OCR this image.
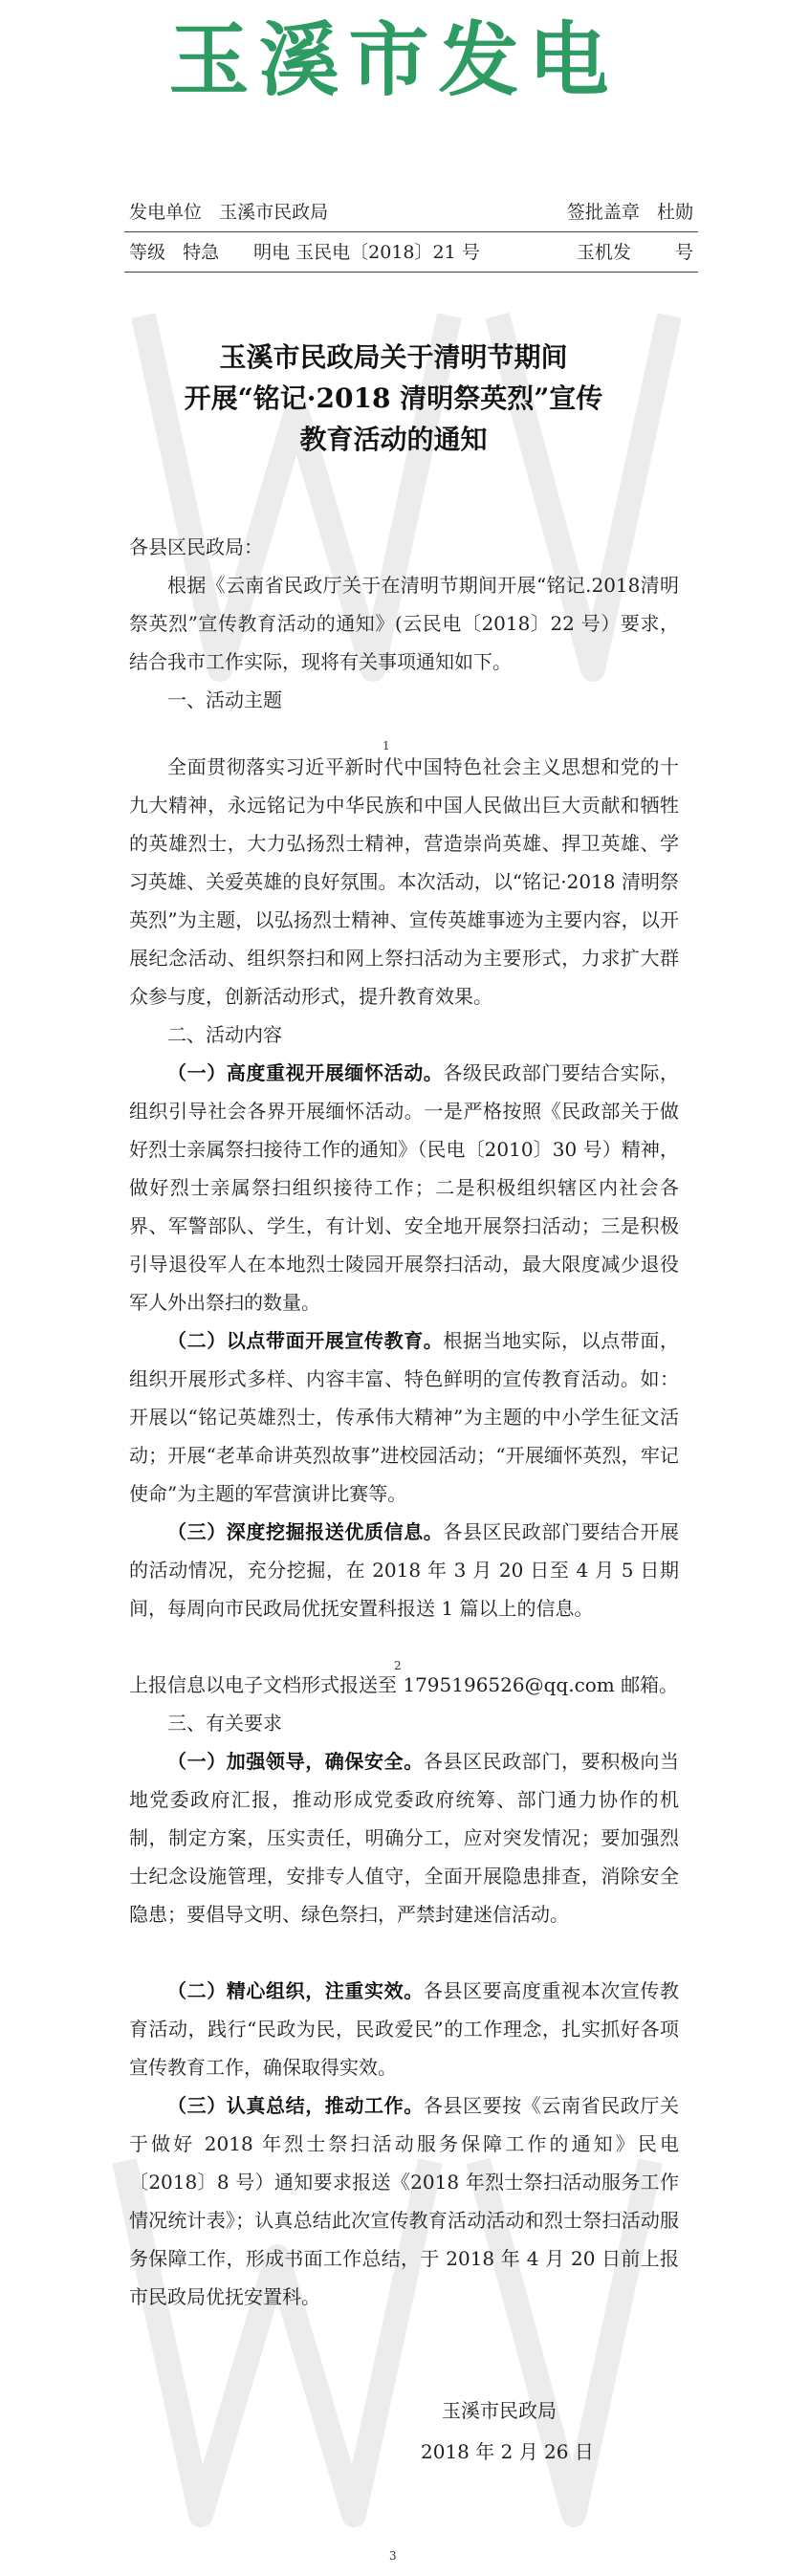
玉溪市发电
发电单位 玉溪市民政局	签批盖章 杜勋
等级 特急 明电 玉民电〔2018〕21 号	玉机发 号
玉溪市民政局关于清明节期间
开展“铭记·2018 清明祭英烈”宣传
教育活动的通知

各县区民政局：

根据《云南省民政厅关于在清明节期间开展“铭记.2018清明祭英烈”宣传教育活动的通知》(云民电〔2018〕22 号）要求，结合我市工作实际，现将有关事项通知如下。

一、活动主题

1

全面贯彻落实习近平新时代中国特色社会主义思想和党的十九大精神，永远铭记为中华民族和中国人民做出巨大贡献和牺牲的英雄烈士，大力弘扬烈士精神，营造崇尚英雄、捍卫英雄、学习英雄、关爱英雄的良好氛围。本次活动，以“铭记·2018 清明祭英烈”为主题，以弘扬烈士精神、宣传英雄事迹为主要内容，以开展纪念活动、组织祭扫和网上祭扫活动为主要形式，力求扩大群众参与度，创新活动形式，提升教育效果。

二、活动内容

（一）高度重视开展缅怀活动。各级民政部门要结合实际，组织引导社会各界开展缅怀活动。一是严格按照《民政部关于做好烈士亲属祭扫接待工作的通知》（民电〔2010〕30 号）精神，做好烈士亲属祭扫组织接待工作；二是积极组织辖区内社会各界、军警部队、学生，有计划、安全地开展祭扫活动；三是积极引导退役军人在本地烈士陵园开展祭扫活动，最大限度减少退役军人外出祭扫的数量。

（二）以点带面开展宣传教育。根据当地实际，以点带面，组织开展形式多样、内容丰富、特色鲜明的宣传教育活动。如：开展以“铭记英雄烈士，传承伟大精神”为主题的中小学生征文活动；开展“老革命讲英烈故事”进校园活动；“开展缅怀英烈，牢记使命”为主题的军营演讲比赛等。

（三）深度挖掘报送优质信息。各县区民政部门要结合开展的活动情况，充分挖掘，在 2018 年 3 月 20 日至 4 月 5 日期间，每周向市民政局优抚安置科报送 1 篇以上的信息。

2

上报信息以电子文档形式报送至 1795196526@qq.com 邮箱。

三、有关要求

（一）加强领导，确保安全。各县区民政部门，要积极向当地党委政府汇报，推动形成党委政府统筹、部门通力协作的机制，制定方案，压实责任，明确分工，应对突发情况；要加强烈士纪念设施管理，安排专人值守，全面开展隐患排查，消除安全隐患；要倡导文明、绿色祭扫，严禁封建迷信活动。

（二）精心组织，注重实效。各县区要高度重视本次宣传教育活动，践行“民政为民，民政爱民”的工作理念，扎实抓好各项宣传教育工作，确保取得实效。

（三）认真总结，推动工作。各县区要按《云南省民政厅关于做好 2018 年烈士祭扫活动服务保障工作的通知》民电〔2018〕8 号）通知要求报送《2018 年烈士祭扫活动服务工作情况统计表》；认真总结此次宣传教育活动活动和烈士祭扫活动服务保障工作，形成书面工作总结，于 2018 年 4 月 20 日前上报市民政局优抚安置科。

玉溪市民政局
2018 年 2 月 26 日
3
